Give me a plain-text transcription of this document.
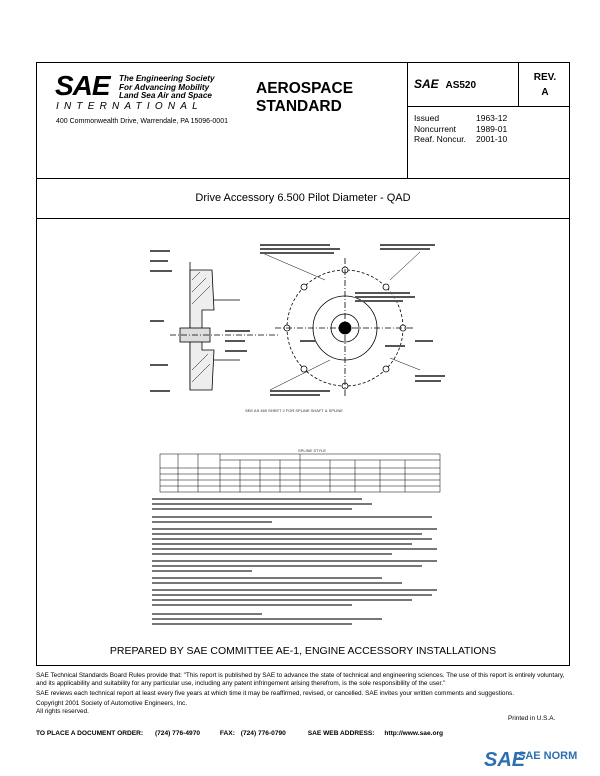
SAE The Engineering Society
For Advancing Mobility
Land Sea Air and Space
INTERNATIONAL
400 Commonwealth Drive, Warrendale, PA 15096-0001
AEROSPACE
STANDARD
SAE AS520
REV.
A
Issued	1963-12
Noncurrent 1989-01
Reaf. Noncur. 2001-10
Drive Accessory 6.500 Pilot Diameter - QAD
SEE AS 469 SHEET 2 FOR SPLINE SHAFT & SPLINE
SPLINE STYLE
PREPARED BY SAE COMMITTEE AE-1, ENGINE ACCESSORY INSTALLATIONS
SAE Technical Standards Board Rules provide that: "This report is published by SAE to advance the state of technical and engineering sciences. The use of this report is entirely voluntary, and its applicability and suitability for any particular use, including any patent infringement arising therefrom, is the sole responsibility of the user."
SAE reviews each technical report at least every five years at which time it may be reaffirmed, revised, or cancelled. SAE invites your written comments and suggestions.
Copyright 2001 Society of Automotive Engineers, Inc.
All rights reserved.
Printed in U.S.A.
TO PLACE A DOCUMENT ORDER: (724) 776-4970	FAX: (724) 776-0790	SAE WEB ADDRESS: http://www.sae.org
SAE
SAE NORM
